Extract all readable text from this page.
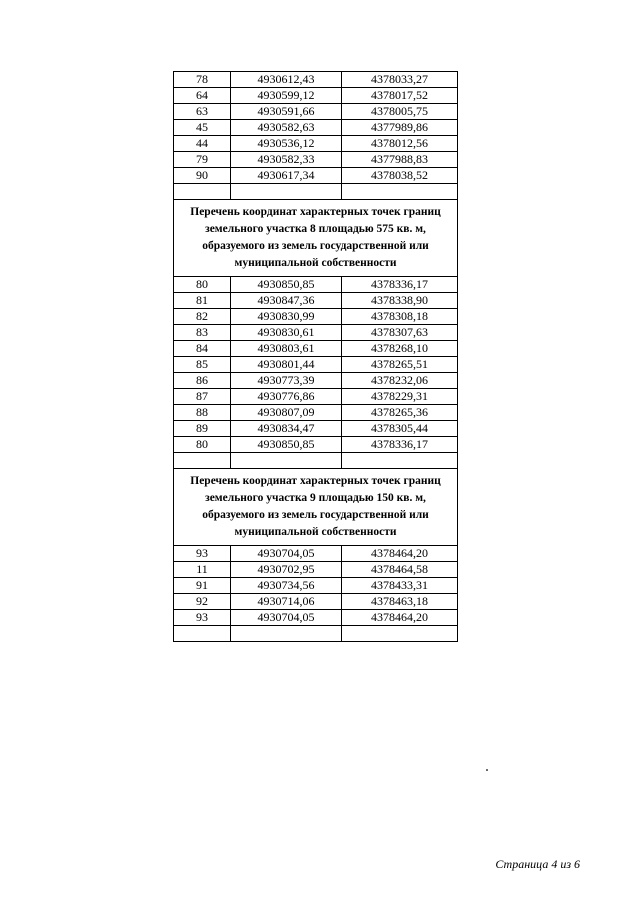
78	4930612,43	4378033,27
64	4930599,12	4378017,52
63	4930591,66	4378005,75
45	4930582,63	4377989,86
44	4930536,12	4378012,56
79	4930582,33	4377988,83
90	4930617,34	4378038,52

Перечень координат характерных точек границ земельного участка 8 площадью 575 кв. м, образуемого из земель государственной или муниципальной собственности		
80	4930850,85	4378336,17
81	4930847,36	4378338,90
82	4930830,99	4378308,18
83	4930830,61	4378307,63
84	4930803,61	4378268,10
85	4930801,44	4378265,51
86	4930773,39	4378232,06
87	4930776,86	4378229,31
88	4930807,09	4378265,36
89	4930834,47	4378305,44
80	4930850,85	4378336,17

Перечень координат характерных точек границ земельного участка 9 площадью 150 кв. м, образуемого из земель государственной или муниципальной собственности		
93	4930704,05	4378464,20
11	4930702,95	4378464,58
91	4930734,56	4378433,31
92	4930714,06	4378463,18
93	4930704,05	4378464,20

Страница 4 из 6
